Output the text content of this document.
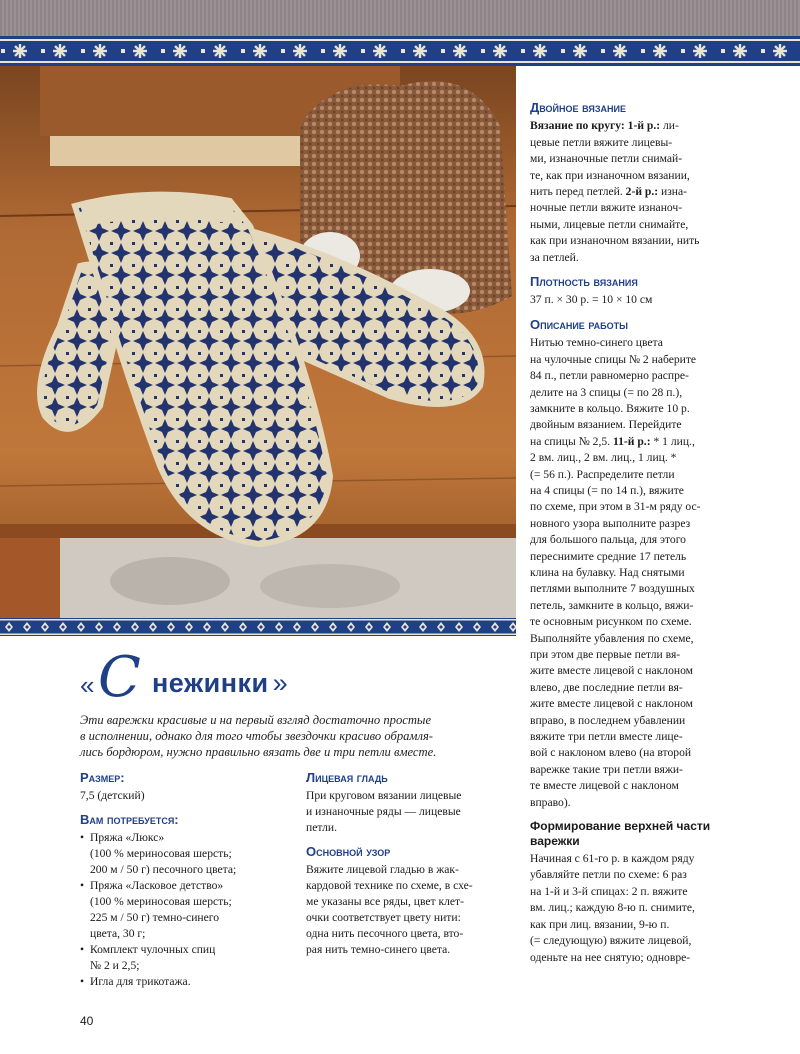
Двойное вязание
Вязание по кругу: 1-й р.: ли-
цевые петли вяжите лицевы-
ми, изнаночные петли снимай-
те, как при изнаночном вязании,
нить перед петлей. 2-й р.: изна-
ночные петли вяжите изнаноч-
ными, лицевые петли снимайте,
как при изнаночном вязании, нить
за петлей.
Плотность вязания
37 п. × 30 р. = 10 × 10 см
Описание работы
Нитью темно-синего цвета
на чулочные спицы № 2 наберите
84 п., петли равномерно распре-
делите на 3 спицы (= по 28 п.),
замкните в кольцо. Вяжите 10 р.
двойным вязанием. Перейдите
на спицы № 2,5. 11-й р.: * 1 лиц.,
2 вм. лиц., 2 вм. лиц., 1 лиц. *
(= 56 п.). Распределите петли
на 4 спицы (= по 14 п.), вяжите
по схеме, при этом в 31-м ряду ос-
новного узора выполните разрез
для большого пальца, для этого
переснимите средние 17 петель
клина на булавку. Над снятыми
петлями выполните 7 воздушных
петель, замкните в кольцо, вяжи-
те основным рисунком по схеме.
Выполняйте убавления по схеме,
при этом две первые петли вя-
жите вместе лицевой с наклоном
влево, две последние петли вя-
жите вместе лицевой с наклоном
вправо, в последнем убавлении
вяжите три петли вместе лице-
вой с наклоном влево (на второй
варежке такие три петли вяжи-
те вместе лицевой с наклоном
вправо).
Формирование верхней части
варежки
Начиная с 61-го р. в каждом ряду
убавляйте петли по схеме: 6 раз
на 1-й и 3-й спицах: 2 п. вяжите
вм. лиц.; каждую 8-ю п. снимите,
как при лиц. вязании, 9-ю п.
(= следующую) вяжите лицевой,
оденьте на нее снятую; одновре-
« С нежинки »
Эти варежки красивые и на первый взгляд достаточно простые
в исполнении, однако для того чтобы звездочки красиво обрамля-
лись бордюром, нужно правильно вязать две и три петли вместе.
Размер:
7,5 (детский)
Вам потребуется:
• Пряжа «Люкс»
(100 % мериносовая шерсть;
200 м / 50 г) песочного цвета;
• Пряжа «Ласковое детство»
(100 % мериносовая шерсть;
225 м / 50 г) темно-синего
цвета, 30 г;
• Комплект чулочных спиц
№ 2 и 2,5;
• Игла для трикотажа.
Лицевая гладь
При круговом вязании лицевые
и изнаночные ряды — лицевые
петли.
Основной узор
Вяжите лицевой гладью в жак-
кардовой технике по схеме, в схе-
ме указаны все ряды, цвет клет-
очки соответствует цвету нити:
одна нить песочного цвета, вто-
рая нить темно-синего цвета.
40
